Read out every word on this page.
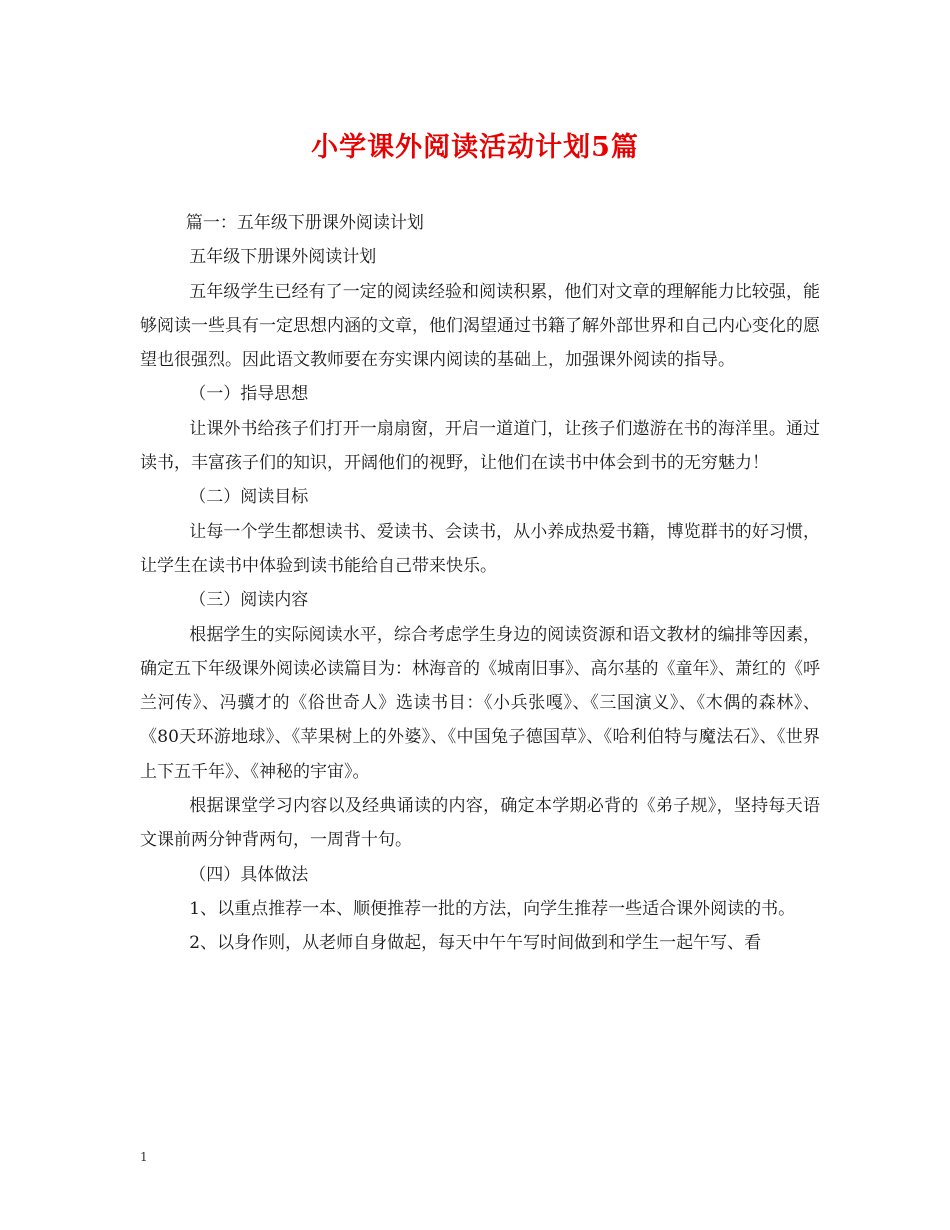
小学课外阅读活动计划5篇

篇一：五年级下册课外阅读计划

五年级下册课外阅读计划

五年级学生已经有了一定的阅读经验和阅读积累，他们对文章的理解能力比较强，能够阅读一些具有一定思想内涵的文章，他们渴望通过书籍了解外部世界和自己内心变化的愿望也很强烈。因此语文教师要在夯实课内阅读的基础上，加强课外阅读的指导。

（一）指导思想

让课外书给孩子们打开一扇扇窗，开启一道道门，让孩子们遨游在书的海洋里。通过读书，丰富孩子们的知识，开阔他们的视野，让他们在读书中体会到书的无穷魅力！

（二）阅读目标

让每一个学生都想读书、爱读书、会读书，从小养成热爱书籍，博览群书的好习惯，让学生在读书中体验到读书能给自己带来快乐。

（三）阅读内容

根据学生的实际阅读水平，综合考虑学生身边的阅读资源和语文教材的编排等因素，确定五下年级课外阅读必读篇目为：林海音的《城南旧事》、高尔基的《童年》、萧红的《呼兰河传》、冯骥才的《俗世奇人》选读书目：《小兵张嘎》、《三国演义》、《木偶的森林》、《80天环游地球》、《苹果树上的外婆》、《中国兔子德国草》、《哈利伯特与魔法石》、《世界上下五千年》、《神秘的宇宙》。

根据课堂学习内容以及经典诵读的内容，确定本学期必背的《弟子规》，坚持每天语文课前两分钟背两句，一周背十句。

（四）具体做法

1、以重点推荐一本、顺便推荐一批的方法，向学生推荐一些适合课外阅读的书。

2、以身作则，从老师自身做起，每天中午午写时间做到和学生一起午写、看

1
